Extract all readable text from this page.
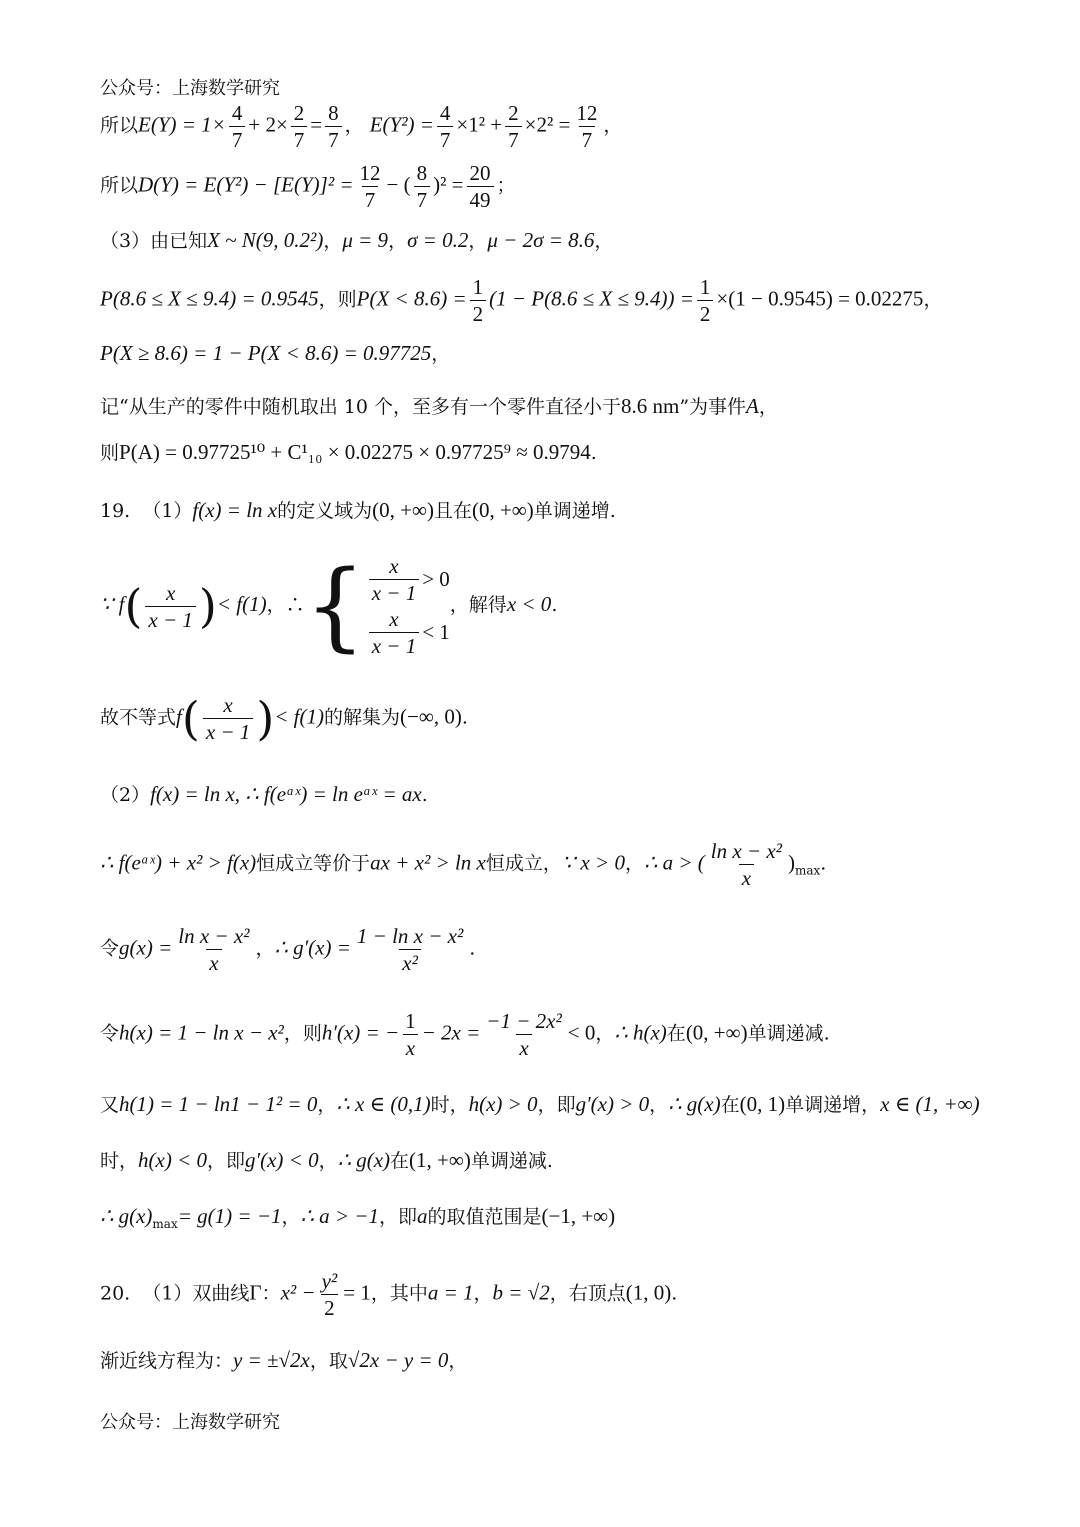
公众号：上海数学研究
所以$E(Y) = 1\times \frac{4}{7} + 2\times \frac{2}{7} = \frac{8}{7}$ ， $E(Y^2) = \frac{4}{7} \times 1^2 + \frac{2}{7} \times 2^2 = \frac{12}{7}$ ，
所以$D(Y) = E(Y^2) - [E(Y)]^2 = \frac{12}{7}$ − ( $\frac{8}{7} )^2 = \frac{20}{49}$ ；
（3）由已知X ~ N(9, 0.2²)，μ = 9，σ = 0.2，μ − 2σ = 8.6，
P(8.6 ≤ X ≤ 9.4) = 0.9545，则$P(X < 8.6) = \frac{1}{2} (1 - P(8.6 \le X \le 9.4)) = \frac{1}{2} \times(1 - 0.9545) = 0.02275$，
P(X ≥ 8.6) = 1 − P(X < 8.6) = 0.97725，
记“从生产的零件中随机取出 10 个，至多有一个零件直径小于8.6 nm”为事件A，
则P(A) = 0.97725¹⁰ + C¹₁₀ × 0.02275 × 0.97725⁹ ≈ 0.9794.
19. （1）f(x) = ln x的定义域为(0, +∞)且在(0, +∞)单调递增.
∵ $f( \frac{x}{x - 1}$ )< f(1)，∴{ $\frac{x}{x - 1} > 0$
$\frac{x}{x - 1} < 1$
，解得x < 0.
故不等式$f( \frac{x}{x - 1}$ )< f(1)的解集为(−∞, 0).
（2）f(x) = ln x, ∴ f(eᵃˣ) = ln eᵃˣ = ax.
∴ f(eᵃˣ) + x² > f(x)恒成立等价于ax + x² > ln x恒成立，∵ x > 0，∴ a > ( $\frac{\text{ln x − x²}}{x} )_{max}$.
令$g(x) = \frac{\text{ln x − x²}}{x}$ ，∴ $g'(x) = \frac{\text{1 − ln x − x²}}{\text{x²}}$ .
令h(x) = 1 − ln x − x²，则h′(x) = − $\frac{1}{x} - 2x = \frac{\text{−1 − 2x²}}{x} < 0$，∴ h(x)在(0, +∞)单调递减.
又h(1) = 1 − ln1 − 1² = 0，∴ x ∈ (0,1)时，h(x) > 0，即g′(x) > 0，∴ g(x)在(0, 1)单调递增，x ∈ (1, +∞)
时，h(x) < 0，即g′(x) < 0，∴ g(x)在(1, +∞)单调递减.
∴ $g(x)_{max}= g(1) = -1$，∴ a > −1，即a的取值范围是(−1, +∞)
20. （1）双曲线Γ：$x^2 - \frac{\text{y²}}{2} = 1$，其中a = 1，b = √2，右顶点(1, 0).
渐近线方程为：y = ±√2x，取√2x − y = 0，
公众号：上海数学研究
